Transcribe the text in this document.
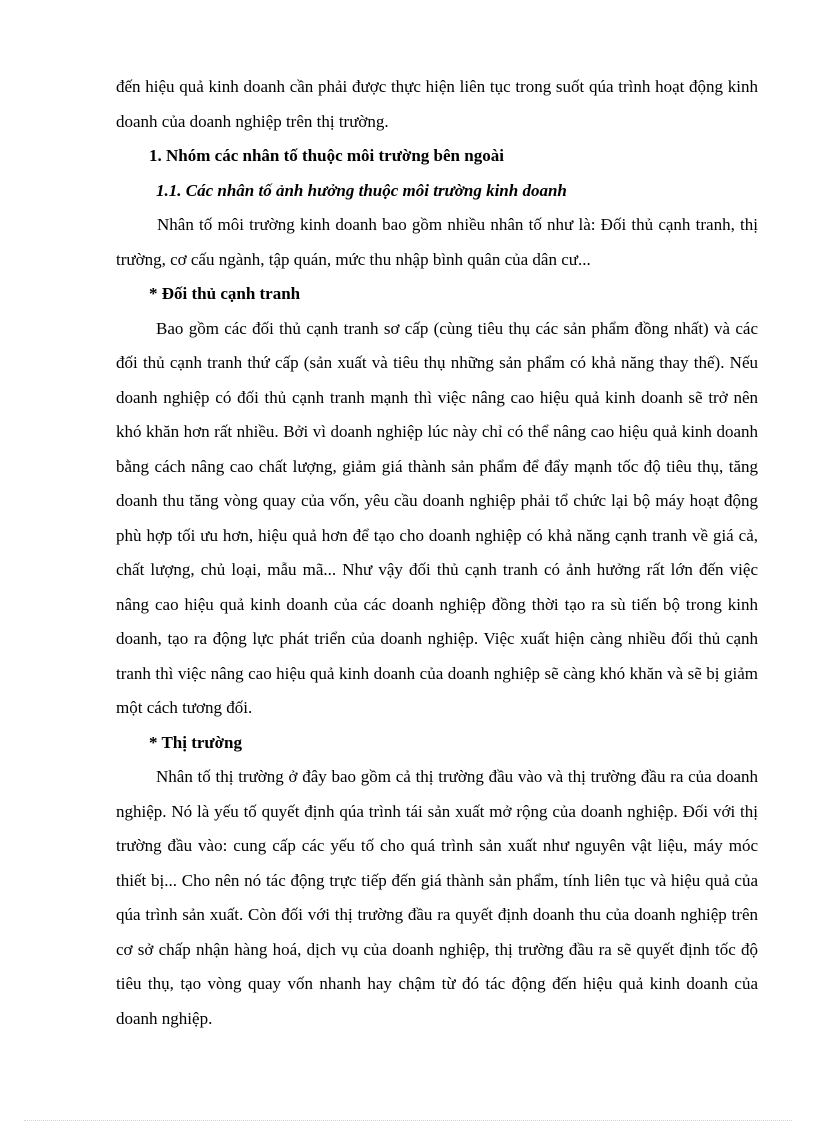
đến hiệu quả kinh doanh cần phải được thực hiện liên tục trong suốt qúa trình hoạt động kinh doanh của doanh nghiệp trên thị trường.

1. Nhóm các nhân tố thuộc môi trường bên ngoài

1.1. Các nhân tố ảnh hưởng thuộc môi trường kinh doanh

Nhân tố môi trường kinh doanh bao gồm nhiều nhân tố như là: Đối thủ cạnh tranh, thị trường, cơ cấu ngành, tập quán, mức thu nhập bình quân của dân cư...

* Đối thủ cạnh tranh

Bao gồm các đối thủ cạnh tranh sơ cấp (cùng tiêu thụ các sản phẩm đồng nhất) và các đối thủ cạnh tranh thứ cấp (sản xuất và tiêu thụ những sản phẩm có khả năng thay thế). Nếu doanh nghiệp có đối thủ cạnh tranh mạnh thì việc nâng cao hiệu quả kinh doanh sẽ trở nên khó khăn hơn rất nhiều. Bởi vì doanh nghiệp lúc này chỉ có thể nâng cao hiệu quả kinh doanh bằng cách nâng cao chất lượng, giảm giá thành sản phẩm để đẩy mạnh tốc độ tiêu thụ, tăng doanh thu tăng vòng quay của vốn, yêu cầu doanh nghiệp phải tổ chức lại bộ máy hoạt động phù hợp tối ưu hơn, hiệu quả hơn để tạo cho doanh nghiệp có khả năng cạnh tranh về giá cả, chất lượng, chủ loại, mẫu mã... Như vậy đối thủ cạnh tranh có ảnh hưởng rất lớn đến việc nâng cao hiệu quả kinh doanh của các doanh nghiệp đồng thời tạo ra sù tiến bộ trong kinh doanh, tạo ra động lực phát triển của doanh nghiệp. Việc xuất hiện càng nhiều đối thủ cạnh tranh thì việc nâng cao hiệu quả kinh doanh của doanh nghiệp sẽ càng khó khăn và sẽ bị giảm một cách tương đối.

* Thị trường

Nhân tố thị trường ở đây bao gồm cả thị trường đầu vào và thị trường đầu ra của doanh nghiệp. Nó là yếu tố quyết định qúa trình tái sản xuất mở rộng của doanh nghiệp. Đối với thị trường đầu vào: cung cấp các yếu tố cho quá trình sản xuất như nguyên vật liệu, máy móc thiết bị... Cho nên nó tác động trực tiếp đến giá thành sản phẩm, tính liên tục và hiệu quả của qúa trình sản xuất. Còn đối với thị trường đầu ra quyết định doanh thu của doanh nghiệp trên cơ sở chấp nhận hàng hoá, dịch vụ của doanh nghiệp, thị trường đầu ra sẽ quyết định tốc độ tiêu thụ, tạo vòng quay vốn nhanh hay chậm từ đó tác động đến hiệu quả kinh doanh của doanh nghiệp.
